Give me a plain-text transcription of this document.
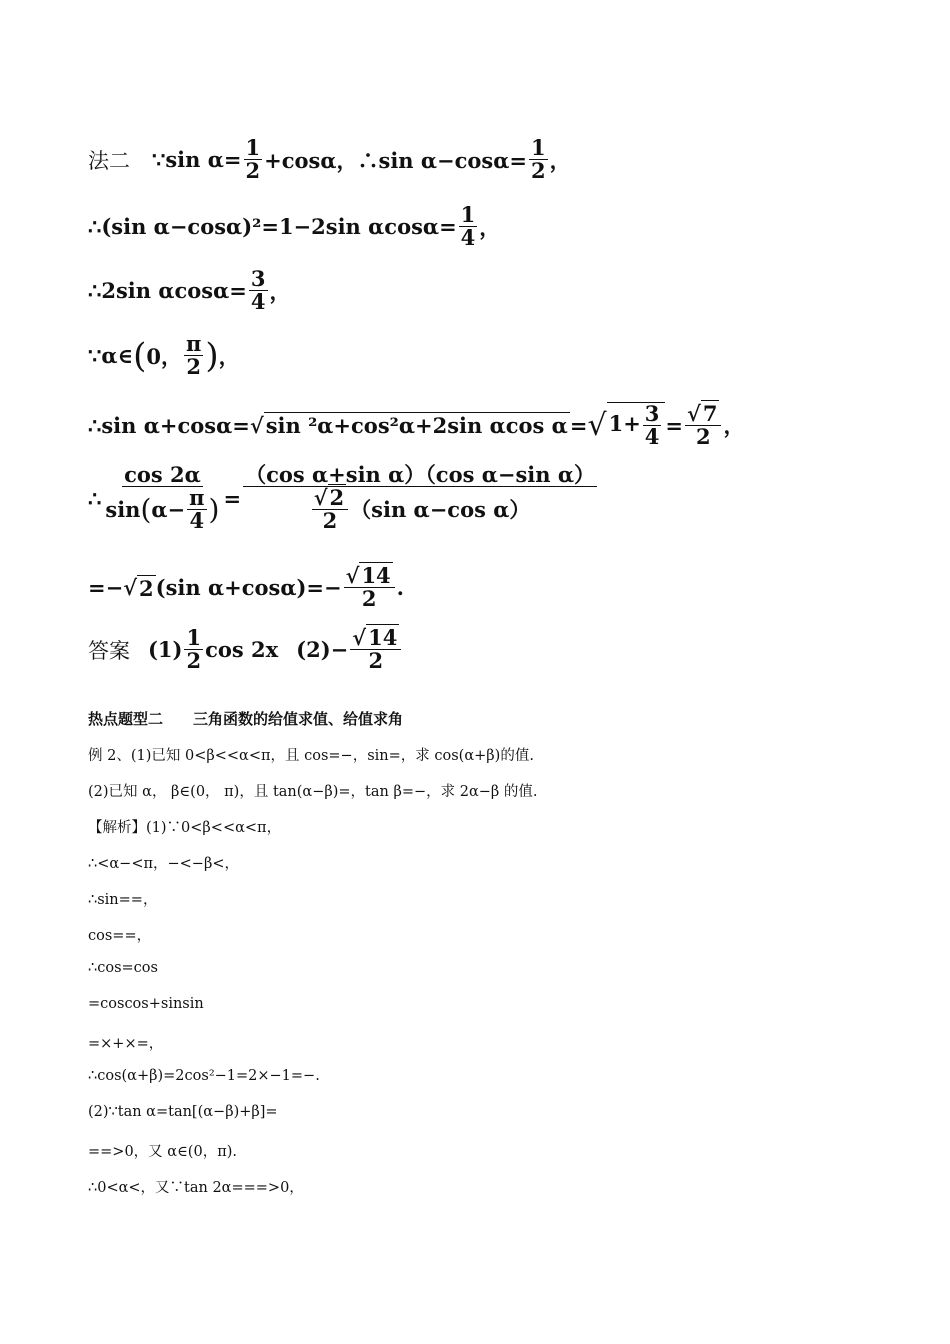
法二 ∵sin $\alpha= \frac{1}{2} +\cos\alpha$，∴sin $\alpha-\cos\alpha= \frac{1}{2}$ ，
∴(sin α−cosα)²=1−2sin $\alpha\cos\alpha= \frac{1}{4}$ ，
∴2sin $\alpha\cos\alpha= \frac{3}{4}$ ，
∵α∈ ( 0， $\frac{\pi}{2}$ ) ，
∴sin α+cosα= √ sin ²α+cos²α+2sin αcos α = √ $1+ \frac{3}{4} = \frac{√7}{2}$ ，
∴ $\frac{\cos 2\alpha}{\sin ( \alpha- \frac{\pi}{4} )} = \frac{\text{（cos α+sin α）（cos α−sin α）}}{\frac{√2}{2} (\sin \alpha-\cos \alpha)}$
=− √ 2 (sin $\alpha+\cos\alpha)=- \frac{√14}{2}$ .
答案 $(1) \frac{1}{2}$ cos 2x $(2)- \frac{√14}{2}$
热点题型二 三角函数的给值求值、给值求角
例 2、(1)已知 0<β<<α<π，且 cos=−，sin=，求 cos(α+β)的值.
(2)已知 α， β∈(0， π)，且 tan(α−β)=，tan β=−，求 2α−β 的值.
【解析】(1)∵0<β<<α<π，
∴<α−<π，−<−β<，
∴sin==，
cos==，
∴cos=cos
=coscos+sinsin
=×+×=，
∴cos(α+β)=2cos²−1=2×−1=−.
(2)∵tan α=tan[(α−β)+β]=
==>0，又 α∈(0，π).
∴0<α<，又∵tan 2α===>0，
